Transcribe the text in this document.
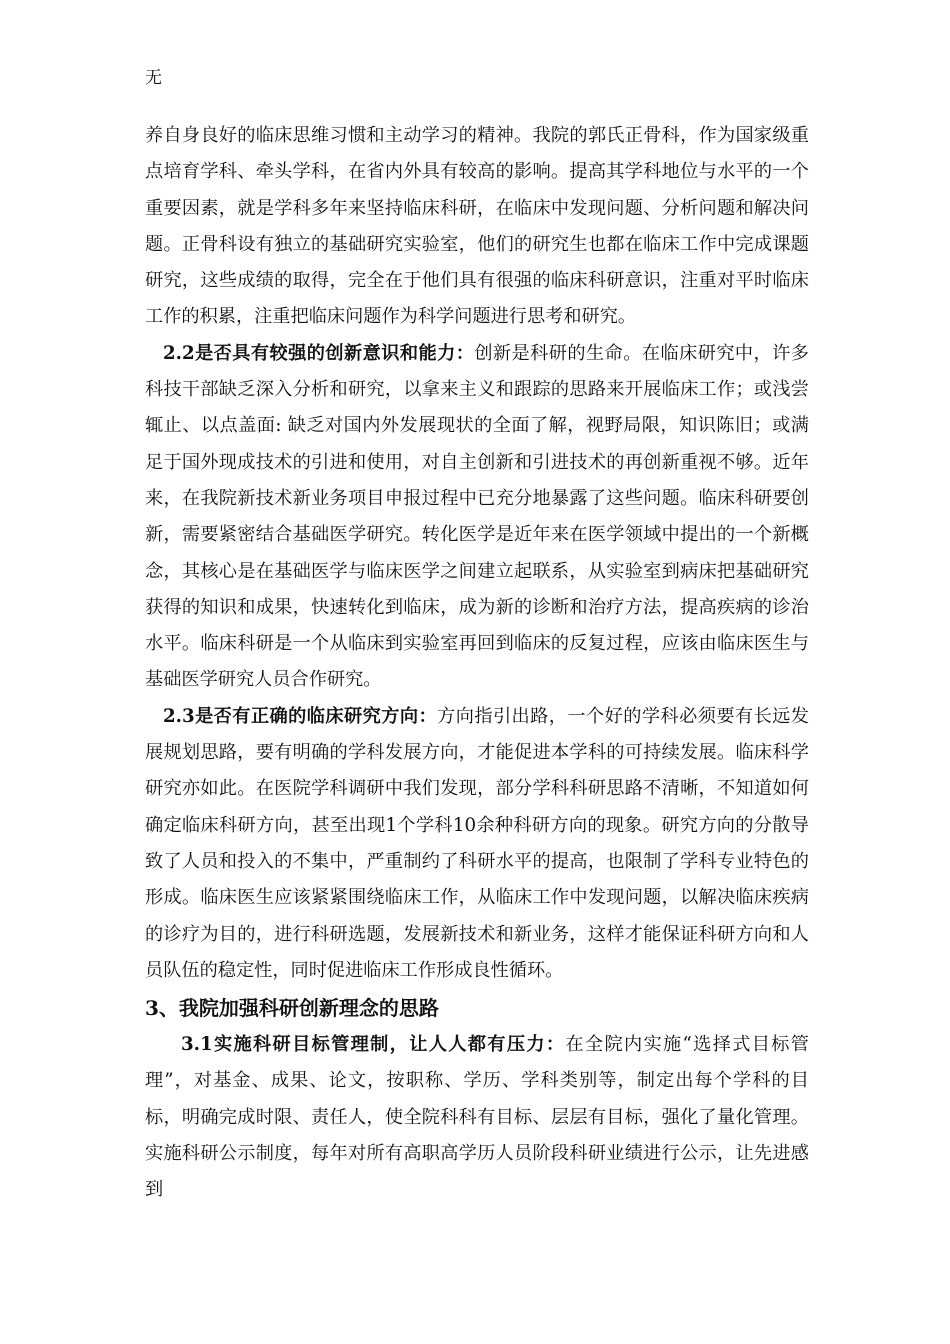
无

养自身良好的临床思维习惯和主动学习的精神。我院的郭氏正骨科，作为国家级重点培育学科、牵头学科，在省内外具有较高的影响。提高其学科地位与水平的一个重要因素，就是学科多年来坚持临床科研，在临床中发现问题、分析问题和解决问题。正骨科设有独立的基础研究实验室，他们的研究生也都在临床工作中完成课题研究，这些成绩的取得，完全在于他们具有很强的临床科研意识，注重对平时临床工作的积累，注重把临床问题作为科学问题进行思考和研究。

2.2是否具有较强的创新意识和能力：创新是科研的生命。在临床研究中，许多科技干部缺乏深入分析和研究，以拿来主义和跟踪的思路来开展临床工作；或浅尝辄止、以点盖面: 缺乏对国内外发展现状的全面了解，视野局限，知识陈旧；或满足于国外现成技术的引进和使用，对自主创新和引进技术的再创新重视不够。近年来，在我院新技术新业务项目申报过程中已充分地暴露了这些问题。临床科研要创新，需要紧密结合基础医学研究。转化医学是近年来在医学领域中提出的一个新概念，其核心是在基础医学与临床医学之间建立起联系，从实验室到病床把基础研究获得的知识和成果，快速转化到临床，成为新的诊断和治疗方法，提高疾病的诊治水平。临床科研是一个从临床到实验室再回到临床的反复过程，应该由临床医生与基础医学研究人员合作研究。

2.3是否有正确的临床研究方向：方向指引出路，一个好的学科必须要有长远发展规划思路，要有明确的学科发展方向，才能促进本学科的可持续发展。临床科学研究亦如此。在医院学科调研中我们发现，部分学科科研思路不清晰，不知道如何确定临床科研方向，甚至出现1个学科10余种科研方向的现象。研究方向的分散导致了人员和投入的不集中，严重制约了科研水平的提高，也限制了学科专业特色的形成。临床医生应该紧紧围绕临床工作，从临床工作中发现问题，以解决临床疾病的诊疗为目的，进行科研选题，发展新技术和新业务，这样才能保证科研方向和人员队伍的稳定性，同时促进临床工作形成良性循环。

3、我院加强科研创新理念的思路

3.1实施科研目标管理制，让人人都有压力：在全院内实施“选择式目标管理”，对基金、成果、论文，按职称、学历、学科类别等，制定出每个学科的目标，明确完成时限、责任人，使全院科科有目标、层层有目标，强化了量化管理。实施科研公示制度，每年对所有高职高学历人员阶段科研业绩进行公示，让先进感到
